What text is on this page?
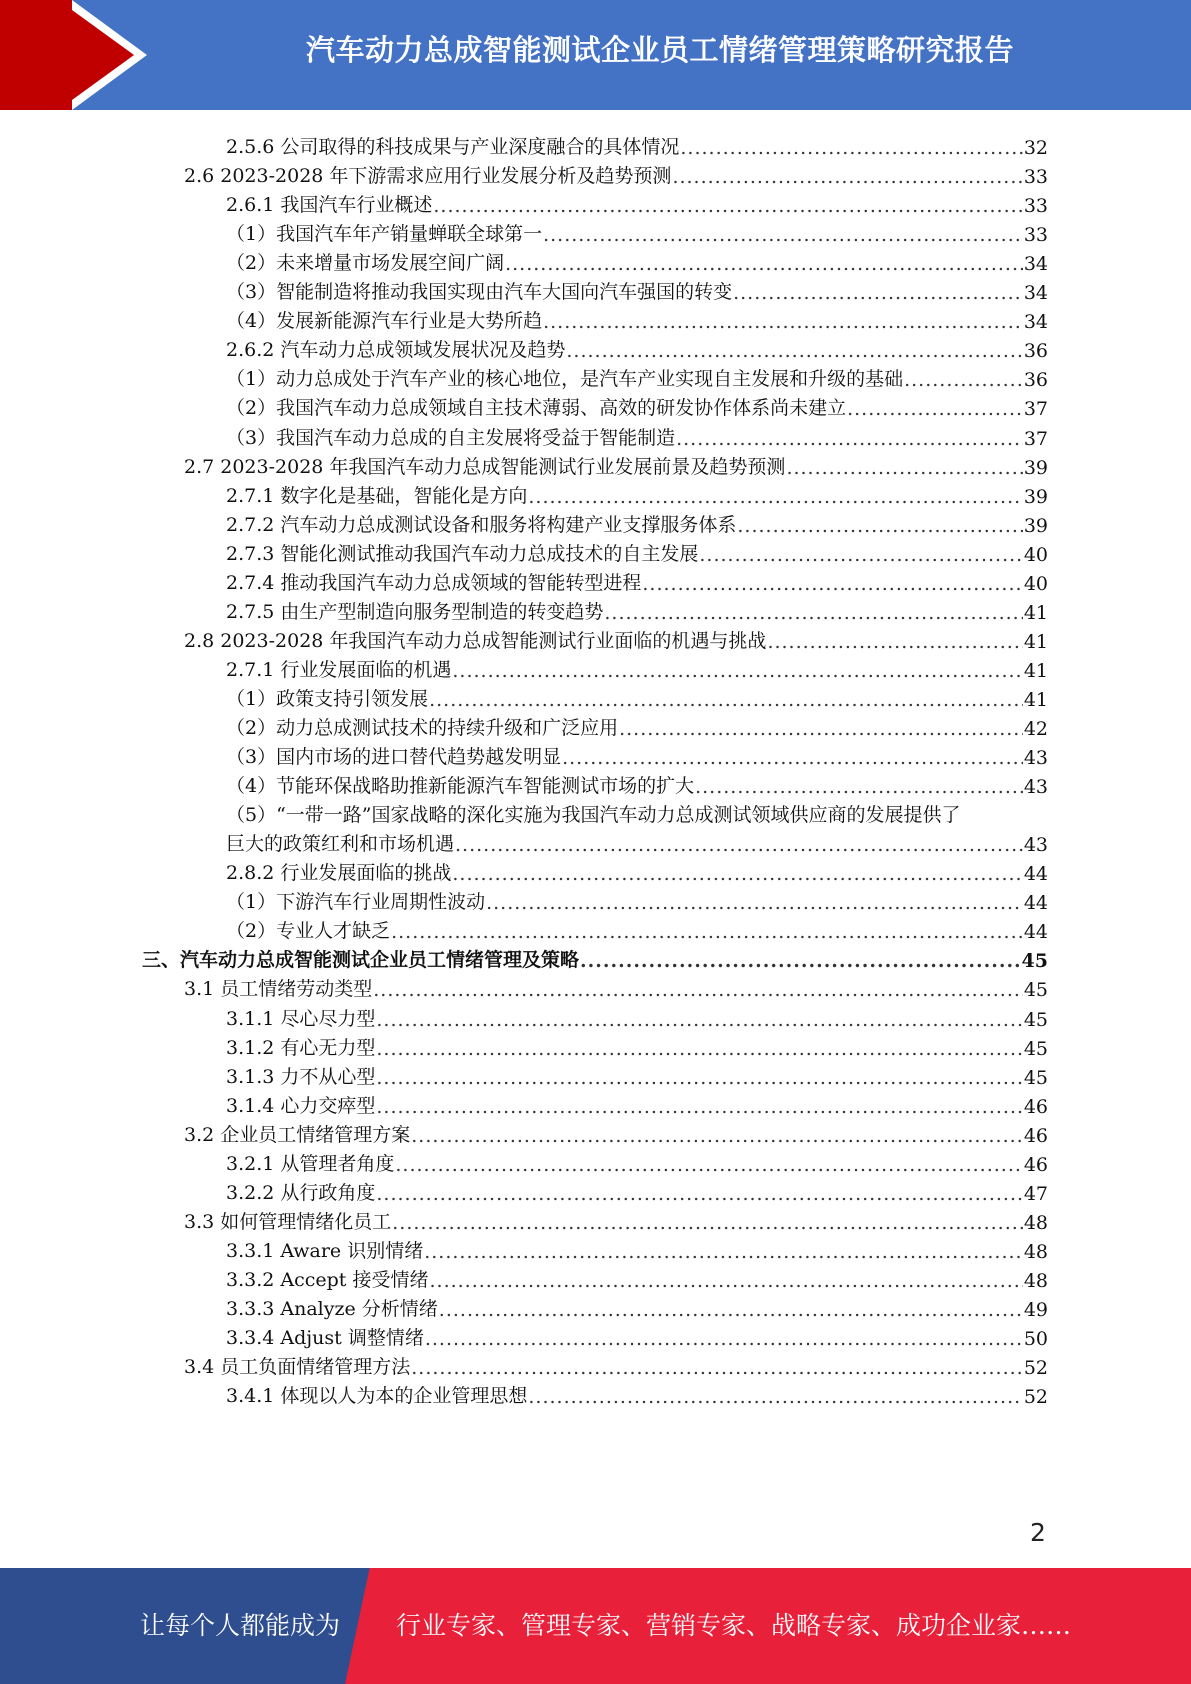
汽车动力总成智能测试企业员工情绪管理策略研究报告
2.5.6 公司取得的科技成果与产业深度融合的具体情况 .....	32
2.6 2023-2028 年下游需求应用行业发展分析及趋势预测 .....	33
2.6.1 我国汽车行业概述 .....	33
（1）我国汽车年产销量蝉联全球第一 .....	33
（2）未来增量市场发展空间广阔 .....	34
（3）智能制造将推动我国实现由汽车大国向汽车强国的转变 .....	34
（4）发展新能源汽车行业是大势所趋 .....	34
2.6.2 汽车动力总成领域发展状况及趋势 .....	36
（1）动力总成处于汽车产业的核心地位，是汽车产业实现自主发展和升级的基础 .....	36
（2）我国汽车动力总成领域自主技术薄弱、高效的研发协作体系尚未建立 .....	37
（3）我国汽车动力总成的自主发展将受益于智能制造 .....	37
2.7 2023-2028 年我国汽车动力总成智能测试行业发展前景及趋势预测 .....	39
2.7.1 数字化是基础，智能化是方向 .....	39
2.7.2 汽车动力总成测试设备和服务将构建产业支撑服务体系 .....	39
2.7.3 智能化测试推动我国汽车动力总成技术的自主发展 .....	40
2.7.4 推动我国汽车动力总成领域的智能转型进程 .....	40
2.7.5 由生产型制造向服务型制造的转变趋势 .....	41
2.8 2023-2028 年我国汽车动力总成智能测试行业面临的机遇与挑战 .....	41
2.7.1 行业发展面临的机遇 .....	41
（1）政策支持引领发展 .....	41
（2）动力总成测试技术的持续升级和广泛应用 .....	42
（3）国内市场的进口替代趋势越发明显 .....	43
（4）节能环保战略助推新能源汽车智能测试市场的扩大 .....	43
（5）“一带一路”国家战略的深化实施为我国汽车动力总成测试领域供应商的发展提供了
巨大的政策红利和市场机遇 .....	43
2.8.2 行业发展面临的挑战 .....	44
（1）下游汽车行业周期性波动 .....	44
（2）专业人才缺乏 .....	44
三、汽车动力总成智能测试企业员工情绪管理及策略 .....	45
3.1 员工情绪劳动类型 .....	45
3.1.1 尽心尽力型 .....	45
3.1.2 有心无力型 .....	45
3.1.3 力不从心型 .....	45
3.1.4 心力交瘁型 .....	46
3.2 企业员工情绪管理方案 .....	46
3.2.1 从管理者角度 .....	46
3.2.2 从行政角度 .....	47
3.3 如何管理情绪化员工 .....	48
3.3.1 Aware 识别情绪 .....	48
3.3.2 Accept 接受情绪 .....	48
3.3.3 Analyze 分析情绪 .....	49
3.3.4 Adjust 调整情绪 .....	50
3.4 员工负面情绪管理方法 .....	52
3.4.1 体现以人为本的企业管理思想 .....	52
2
让每个人都能成为 行业专家、管理专家、营销专家、战略专家、成功企业家……
